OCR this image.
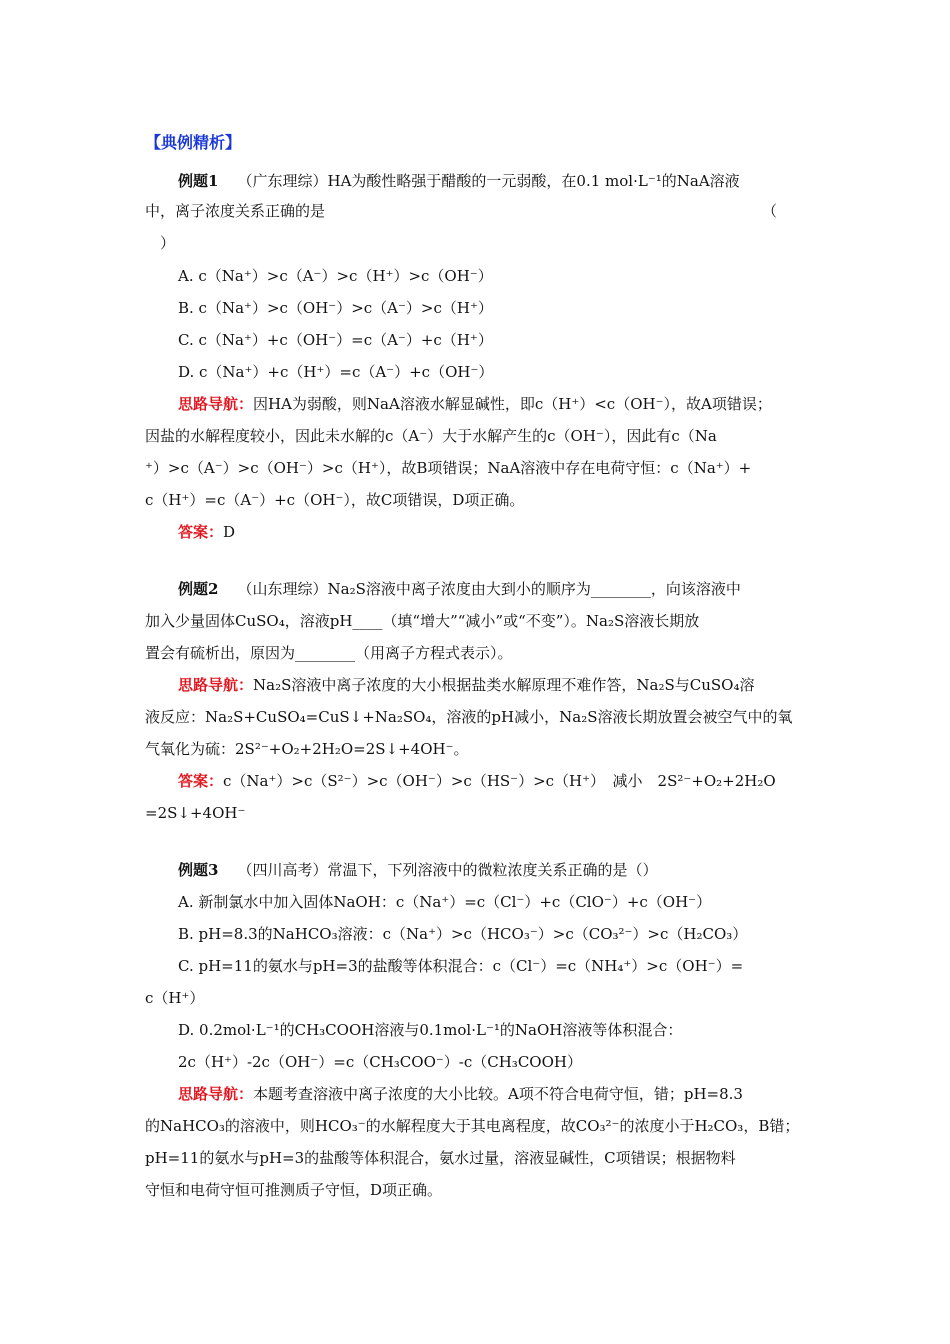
【典例精析】
例题1 （广东理综）HA为酸性略强于醋酸的一元弱酸，在0.1 mol·L⁻¹的NaA溶液
中，离子浓度关系正确的是	（
）
A. c（Na⁺）>c（A⁻）>c（H⁺）>c（OH⁻）
B. c（Na⁺）>c（OH⁻）>c（A⁻）>c（H⁺）
C. c（Na⁺）+c（OH⁻）=c（A⁻）+c（H⁺）
D. c（Na⁺）+c（H⁺）=c（A⁻）+c（OH⁻）
思路导航：因HA为弱酸，则NaA溶液水解显碱性，即c（H⁺）<c（OH⁻），故A项错误；
因盐的水解程度较小，因此未水解的c（A⁻）大于水解产生的c（OH⁻），因此有c（Na
⁺）>c（A⁻）>c（OH⁻）>c（H⁺），故B项错误；NaA溶液中存在电荷守恒：c（Na⁺）+
c（H⁺）=c（A⁻）+c（OH⁻），故C项错误，D项正确。
答案：D
例题2 （山东理综）Na₂S溶液中离子浓度由大到小的顺序为________，向该溶液中
加入少量固体CuSO₄，溶液pH____（填“增大”“减小”或“不变”）。Na₂S溶液长期放
置会有硫析出，原因为________（用离子方程式表示）。
思路导航：Na₂S溶液中离子浓度的大小根据盐类水解原理不难作答，Na₂S与CuSO₄溶
液反应：Na₂S+CuSO₄=CuS↓+Na₂SO₄，溶液的pH减小，Na₂S溶液长期放置会被空气中的氧
气氧化为硫：2S²⁻+O₂+2H₂O=2S↓+4OH⁻。
答案：c（Na⁺）>c（S²⁻）>c（OH⁻）>c（HS⁻）>c（H⁺）　减小　2S²⁻+O₂+2H₂O
=2S↓+4OH⁻
例题3 （四川高考）常温下，下列溶液中的微粒浓度关系正确的是（）
A. 新制氯水中加入固体NaOH：c（Na⁺）=c（Cl⁻）+c（ClO⁻）+c（OH⁻）
B. pH=8.3的NaHCO₃溶液：c（Na⁺）>c（HCO₃⁻）>c（CO₃²⁻）>c（H₂CO₃）
C. pH=11的氨水与pH=3的盐酸等体积混合：c（Cl⁻）=c（NH₄⁺）>c（OH⁻）=
c（H⁺）
D. 0.2mol·L⁻¹的CH₃COOH溶液与0.1mol·L⁻¹的NaOH溶液等体积混合：
2c（H⁺）-2c（OH⁻）=c（CH₃COO⁻）-c（CH₃COOH）
思路导航：本题考查溶液中离子浓度的大小比较。A项不符合电荷守恒，错；pH=8.3
的NaHCO₃的溶液中，则HCO₃⁻的水解程度大于其电离程度，故CO₃²⁻的浓度小于H₂CO₃，B错；
pH=11的氨水与pH=3的盐酸等体积混合，氨水过量，溶液显碱性，C项错误；根据物料
守恒和电荷守恒可推测质子守恒，D项正确。
